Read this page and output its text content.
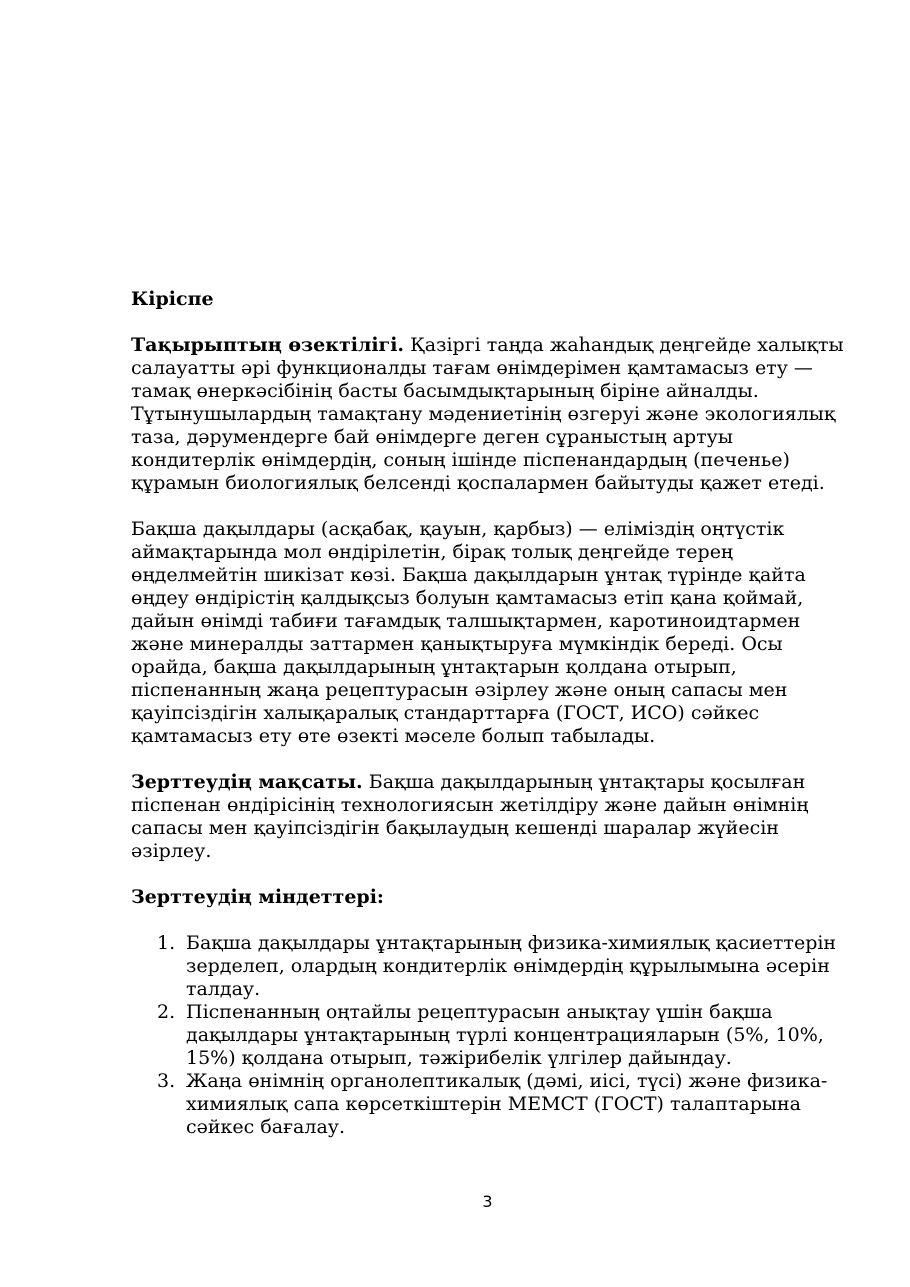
Кіріспе

Тақырыптың өзектілігі. Қазіргі таңда жаһандық деңгейде халықты салауатты әрі функционалды тағам өнімдерімен қамтамасыз ету — тамақ өнеркәсібінің басты басымдықтарының біріне айналды. Тұтынушылардың тамақтану мәдениетінің өзгеруі және экологиялық таза, дәрумендерге бай өнімдерге деген сұраныстың артуы кондитерлік өнімдердің, соның ішінде піспенандардың (печенье) құрамын биологиялық белсенді қоспалармен байытуды қажет етеді.

Бақша дақылдары (асқабақ, қауын, қарбыз) — еліміздің оңтүстік аймақтарында мол өндірілетін, бірақ толық деңгейде терең өңделмейтін шикізат көзі. Бақша дақылдарын ұнтақ түрінде қайта өңдеу өндірістің қалдықсыз болуын қамтамасыз етіп қана қоймай, дайын өнімді табиғи тағамдық талшықтармен, каротиноидтармен және минералды заттармен қанықтыруға мүмкіндік береді. Осы орайда, бақша дақылдарының ұнтақтарын қолдана отырып, піспенанның жаңа рецептурасын әзірлеу және оның сапасы мен қауіпсіздігін халықаралық стандарттарға (ГОСТ, ИСО) сәйкес қамтамасыз ету өте өзекті мәселе болып табылады.

Зерттеудің мақсаты. Бақша дақылдарының ұнтақтары қосылған піспенан өндірісінің технологиясын жетілдіру және дайын өнімнің сапасы мен қауіпсіздігін бақылаудың кешенді шаралар жүйесін әзірлеу.

Зерттеудің міндеттері:
1. Бақша дақылдары ұнтақтарының физика-химиялық қасиеттерін зерделеп, олардың кондитерлік өнімдердің құрылымына әсерін талдау.
2. Піспенанның оңтайлы рецептурасын анықтау үшін бақша дақылдары ұнтақтарының түрлі концентрацияларын (5%, 10%, 15%) қолдана отырып, тәжірибелік үлгілер дайындау.
3. Жаңа өнімнің органолептикалық (дәмі, иісі, түсі) және физика-химиялық сапа көрсеткіштерін МЕМСТ (ГОСТ) талаптарына сәйкес бағалау.
3
